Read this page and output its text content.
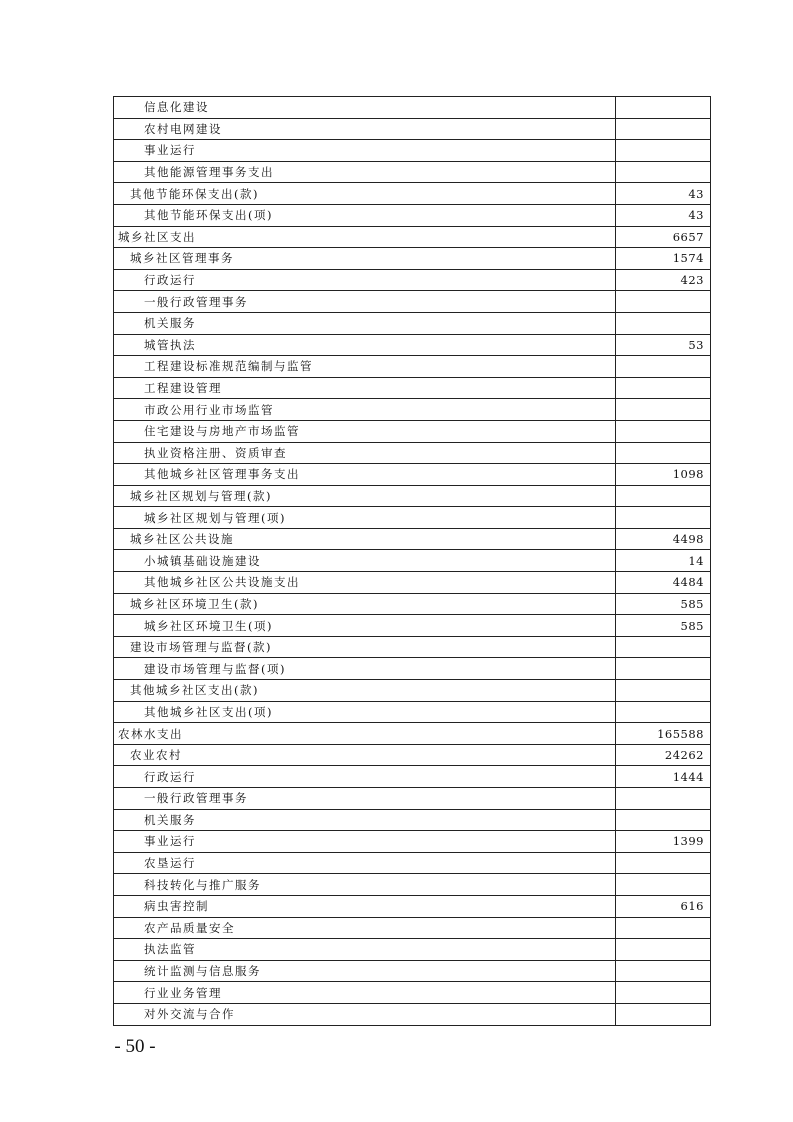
信息化建设	
农村电网建设	
事业运行	
其他能源管理事务支出	
其他节能环保支出(款)	43
其他节能环保支出(项)	43
城乡社区支出	6657
城乡社区管理事务	1574
行政运行	423
一般行政管理事务	
机关服务	
城管执法	53
工程建设标准规范编制与监管	
工程建设管理	
市政公用行业市场监管	
住宅建设与房地产市场监管	
执业资格注册、资质审查	
其他城乡社区管理事务支出	1098
城乡社区规划与管理(款)	
城乡社区规划与管理(项)	
城乡社区公共设施	4498
小城镇基础设施建设	14
其他城乡社区公共设施支出	4484
城乡社区环境卫生(款)	585
城乡社区环境卫生(项)	585
建设市场管理与监督(款)	
建设市场管理与监督(项)	
其他城乡社区支出(款)	
其他城乡社区支出(项)	
农林水支出	165588
农业农村	24262
行政运行	1444
一般行政管理事务	
机关服务	
事业运行	1399
农垦运行	
科技转化与推广服务	
病虫害控制	616
农产品质量安全	
执法监管	
统计监测与信息服务	
行业业务管理	
对外交流与合作	
- 50 -
